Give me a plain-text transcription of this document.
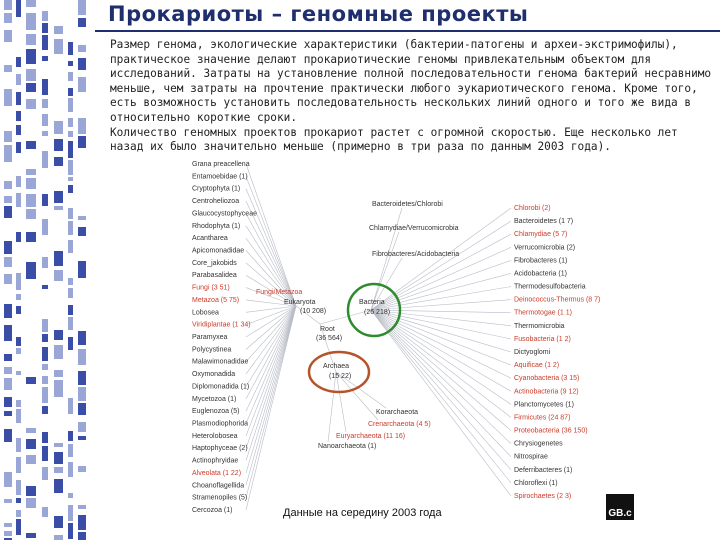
Прокариоты – геномные проекты

Размер генома, экологические характеристики (бактерии-патогены и археи-экстримофилы), практическое значение делают прокариотические геномы привлекательным объектом для исследований. Затраты на установление полной последовательности генома бактерий несравнимо меньше, чем затраты на прочтение практически любого эукариотического генома. Кроме того, есть возможность установить последовательность нескольких линий одного и того же вида в относительно короткие сроки.

Количество геномных проектов прокариот растет с огромной скоростью. Еще несколько лет назад их было значительно меньше (примерно в три раза по данным 2003 года).

Grana preacellena
Entamoebidae (1)
Cryptophyta (1)
Centroheliozoa
Glaucocystophyceae
Rhodophyta (1)
Acantharea
Apicomonadidae
Core_jakobids
Parabasalidea
Fungi (3 51)
Metazoa (5 75)
Lobosea
Viridiplantae (1 34)
Paramyxea
Polycystinea
Malawimonadidae
Oxymonadida
Diplomonadida (1)
Mycetozoa (1)
Euglenozoa (5)
Plasmodiophorida
Heterolobosea
Haptophyceae (2)
Actinophryidae
Alveolata (1 22)
Choanoflagellida
Stramenopiles (5)
Cercozoa (1)
Bacteroidetes/Chlorobi
Chlamydiae/Verrucomicrobia
Fibrobacteres/Acidobacteria
Chlorobi (2)
Bacteroidetes (1 7)
Chlamydiae (5 7)
Verrucomicrobia (2)
Fibrobacteres (1)
Acidobacteria (1)
Thermodesulfobacteria
Deinococcus-Thermus (8 7)
Thermotogae (1 1)
Thermomicrobia
Fusobacteria (1 2)
Dictyoglomi
Aquificae (1 2)
Cyanobacteria (3 15)
Actinobacteria (9 12)
Planctomycetes (1)
Firmicutes (24 87)
Proteobacteria (36 150)
Chrysiogenetes
Nitrospirae
Deferribacteres (1)
Chloroflexi (1)
Spirochaetes (2 3)
Korarchaeota
Crenarchaeota (4 5)
Euryarchaeota (11 16)
Nanoarchaeota (1)
Root
(36 564)
Eukaryota
(10 208)
Bacteria
(26 218)
Archaea
(15 22)
Fungi/Metazoa
Данные на середину 2003 года	GB.c
